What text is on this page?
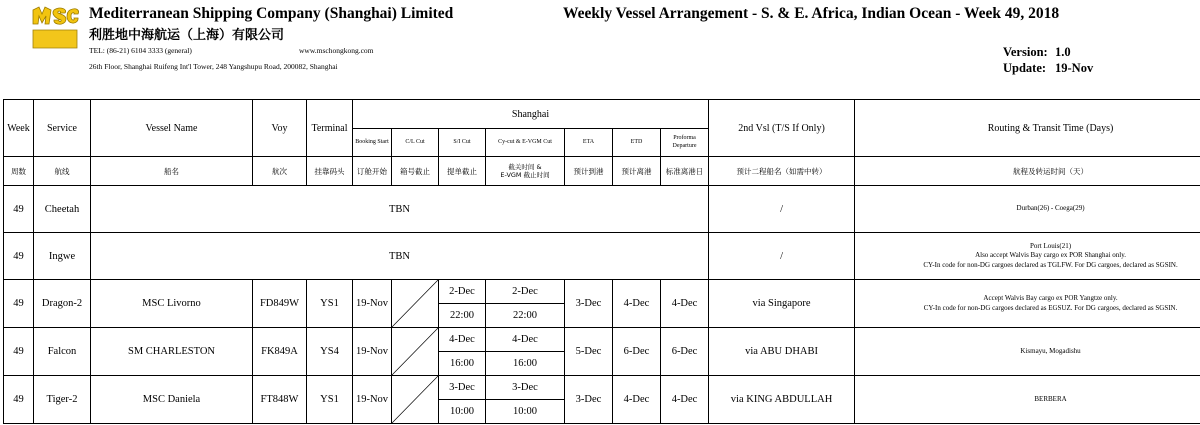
Mediterranean Shipping Company (Shanghai) Limited
利胜地中海航运（上海）有限公司
TEL: (86-21) 6104 3333 (general)	www.mschongkong.com
26th Floor, Shanghai Ruifeng Int'l Tower, 248 Yangshupu Road, 200082, Shanghai
Weekly Vessel Arrangement - S. & E. Africa, Indian Ocean - Week 49, 2018
Version: 1.0
Update: 19-Nov
Week	Service	Vessel Name	Voy	Terminal	Shanghai							2nd Vsl (T/S If Only)	Routing & Transit Time (Days)
					Booking Start	C/L Cut	S/I Cut	Cy-cut & E-VGM Cut	ETA	ETD	Proforma Departure		
周数	航线	船名	航次	挂靠码头	订舱开始	箱号截止	提单截止	截关时间 &
E-VGM 截止时间	预计到港	预计离港	标准离港日	预计二程船名（如需中转）	航程及转运时间（天）
49	Cheetah	TBN										/	Durban(26) - Coega(29)

49	Ingwe	TBN										/	Port Louis(21)
Also accept Walvis Bay cargo ex POR Shanghai only.
CY-In code for non-DG cargoes declared as TGLFW. For DG cargoes, declared as SGSIN.

49	Dragon-2	MSC Livorno	FD849W	YS1	19-Nov		2-Dec	2-Dec	3-Dec	4-Dec	4-Dec	via Singapore	Accept Walvis Bay cargo ex POR Yangtze only.
CY-In code for non-DG cargoes declared as EGSUZ. For DG cargoes, declared as SGSIN.

							22:00	22:00					
49	Falcon	SM CHARLESTON	FK849A	YS4	19-Nov		4-Dec	4-Dec	5-Dec	6-Dec	6-Dec	via ABU DHABI	Kismayu, Mogadishu

							16:00	16:00					
49	Tiger-2	MSC Daniela	FT848W	YS1	19-Nov		3-Dec	3-Dec	3-Dec	4-Dec	4-Dec	via KING ABDULLAH	BERBERA

							10:00	10:00					
